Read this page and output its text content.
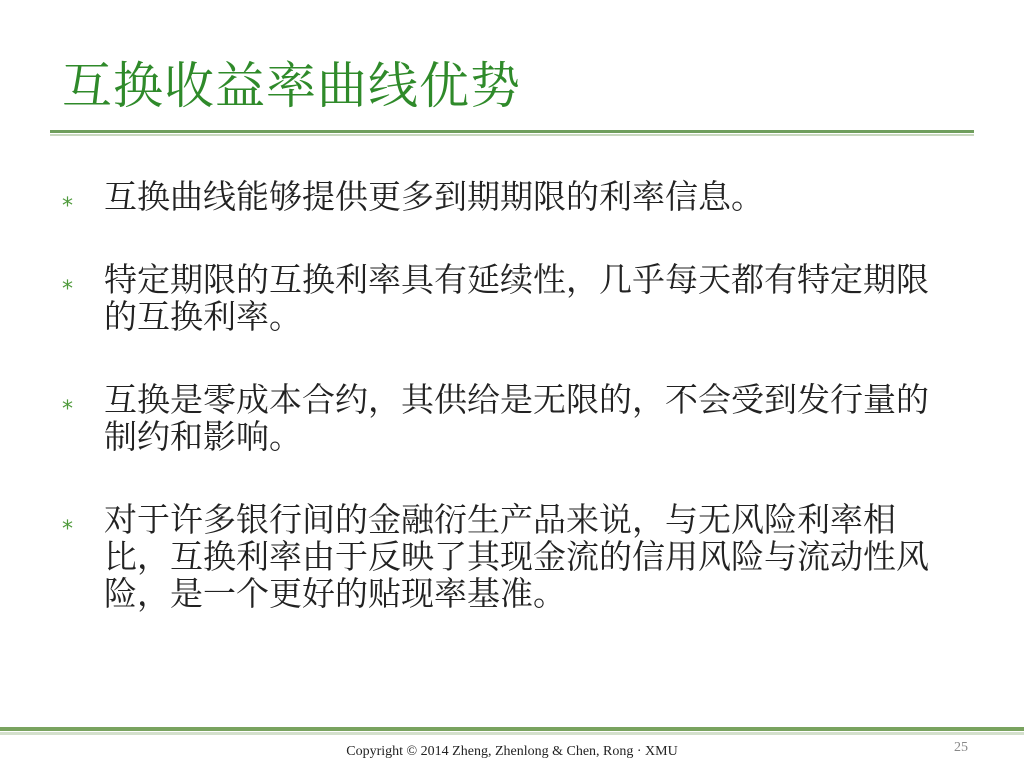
互换收益率曲线优势
⁎ 互换曲线能够提供更多到期期限的利率信息。
⁎ 特定期限的互换利率具有延续性，几乎每天都有特定期限的互换利率。
⁎ 互换是零成本合约，其供给是无限的，不会受到发行量的制约和影响。
⁎ 对于许多银行间的金融衍生产品来说，与无风险利率相比，互换利率由于反映了其现金流的信用风险与流动性风险，是一个更好的贴现率基准。
Copyright © 2014 Zheng, Zhenlong & Chen, Rong · XMU	25
